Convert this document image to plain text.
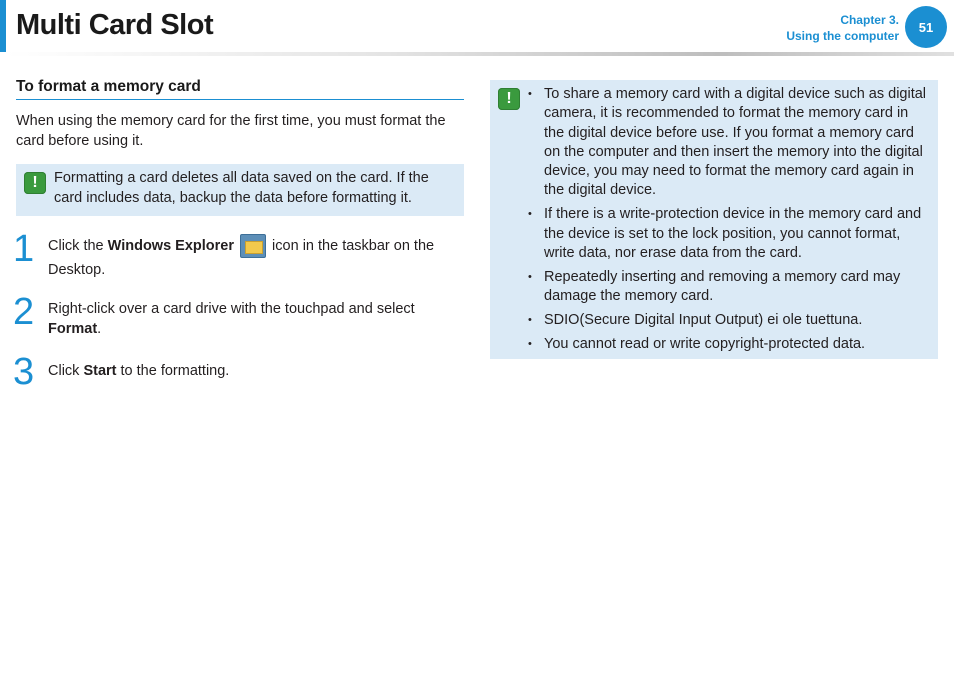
Multi Card Slot	Chapter 3.
Using the computer
51
To format a memory card
When using the memory card for the first time, you must format the card before using it.
!	Formatting a card deletes all data saved on the card. If the card includes data, backup the data before formatting it.
1 Click the Windows Explorer  icon in the taskbar on the Desktop.
2 Right-click over a card drive with the touchpad and select Format.
3 Click Start to the formatting.
!
•	To share a memory card with a digital device such as digital camera, it is recommended to format the memory card in the digital device before use. If you format a memory card on the computer and then insert the memory into the digital device, you may need to format the memory card again in the digital device.
• If there is a write-protection device in the memory card and the device is set to the lock position, you cannot format, write data, nor erase data from the card.
• Repeatedly inserting and removing a memory card may damage the memory card.
• SDIO(Secure Digital Input Output) ei ole tuettuna.
• You cannot read or write copyright-protected data.
